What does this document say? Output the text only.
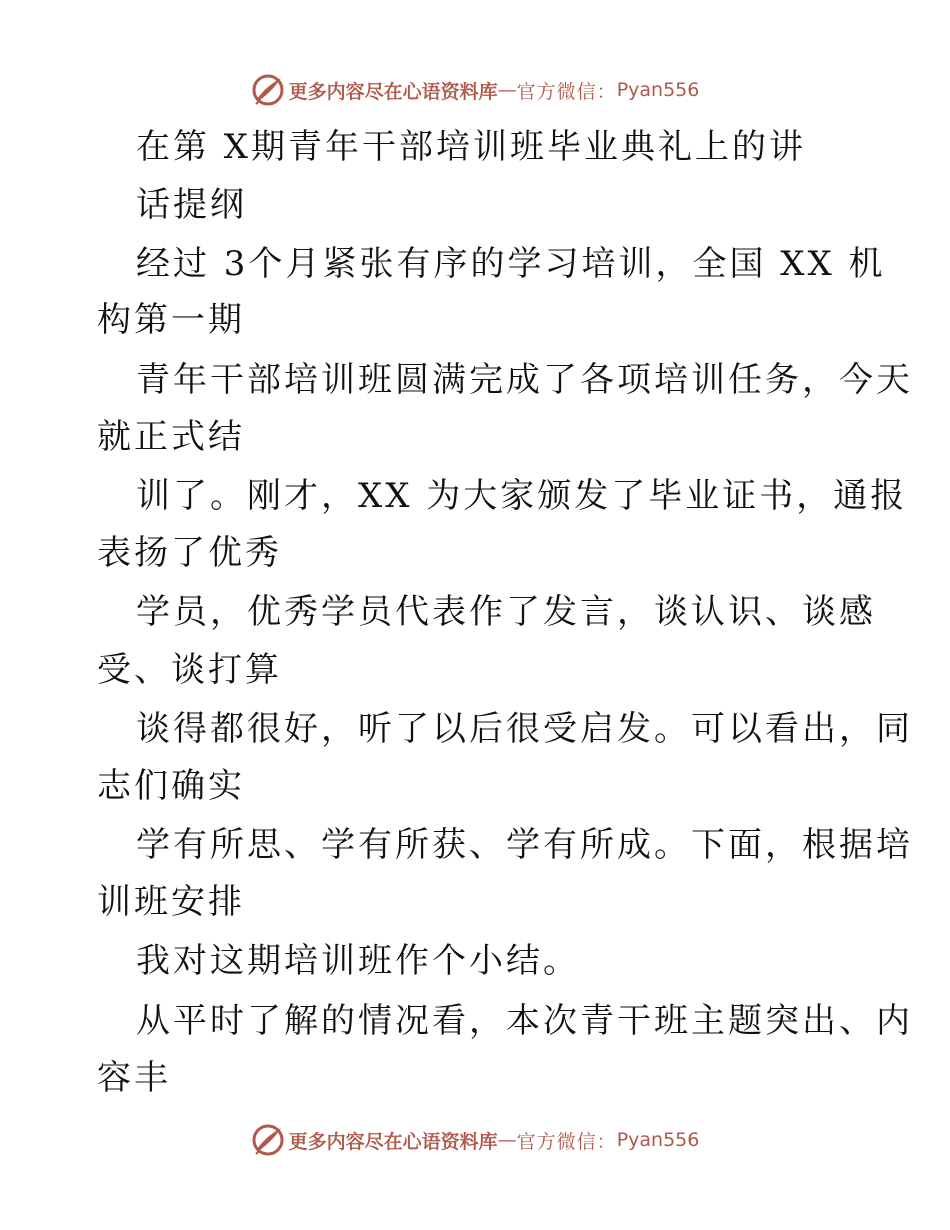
更多内容尽在心语资料库 — 官方微信： Pyan556
在第 X期青年干部培训班毕业典礼上的讲
话提纲
经过 3个月紧张有序的学习培训，全国 XX 机
构第一期
青年干部培训班圆满完成了各项培训任务，今天
就正式结
训了。刚才，XX 为大家颁发了毕业证书，通报
表扬了优秀
学员，优秀学员代表作了发言，谈认识、谈感
受、谈打算
谈得都很好，听了以后很受启发。可以看出，同
志们确实
学有所思、学有所获、学有所成。下面，根据培
训班安排
我对这期培训班作个小结。
从平时了解的情况看，本次青干班主题突出、内
容丰
更多内容尽在心语资料库 — 官方微信： Pyan556
